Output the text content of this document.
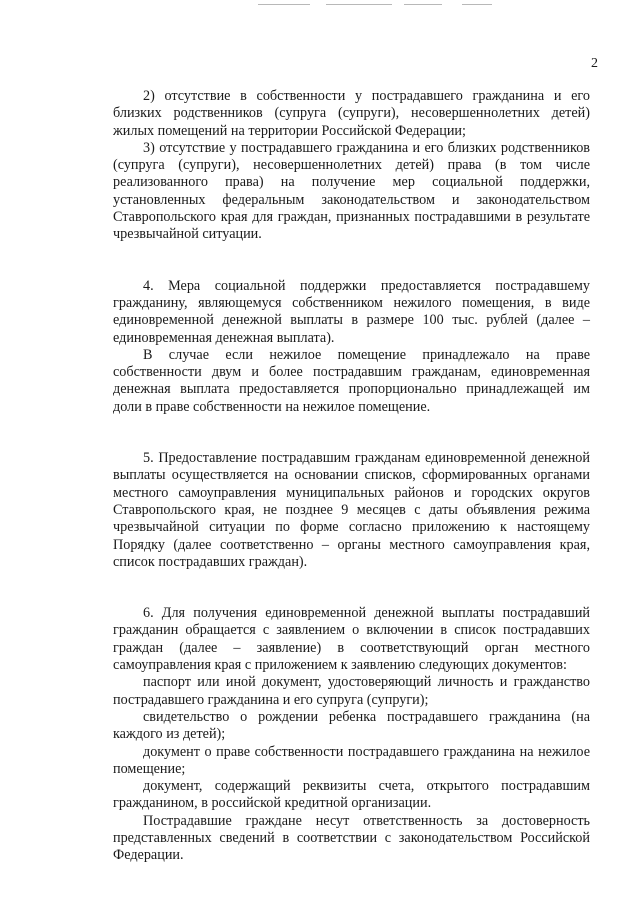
2

2) отсутствие в собственности у пострадавшего гражданина и его близких родственников (супруга (супруги), несовершеннолетних детей) жилых помещений на территории Российской Федерации;

3) отсутствие у пострадавшего гражданина и его близких родственников (супруга (супруги), несовершеннолетних детей) права (в том числе реализованного права) на получение мер социальной поддержки, установленных федеральным законодательством и законодательством Ставропольского края для граждан, признанных пострадавшими в результате чрезвычайной ситуации.

4. Мера социальной поддержки предоставляется пострадавшему гражданину, являющемуся собственником нежилого помещения, в виде единовременной денежной выплаты в размере 100 тыс. рублей (далее – единовременная денежная выплата).

В случае если нежилое помещение принадлежало на праве собственности двум и более пострадавшим гражданам, единовременная денежная выплата предоставляется пропорционально принадлежащей им доли в праве собственности на нежилое помещение.

5. Предоставление пострадавшим гражданам единовременной денежной выплаты осуществляется на основании списков, сформированных органами местного самоуправления муниципальных районов и городских округов Ставропольского края, не позднее 9 месяцев с даты объявления режима чрезвычайной ситуации по форме согласно приложению к настоящему Порядку (далее соответственно – органы местного самоуправления края, список пострадавших граждан).

6. Для получения единовременной денежной выплаты пострадавший гражданин обращается с заявлением о включении в список пострадавших граждан (далее – заявление) в соответствующий орган местного самоуправления края с приложением к заявлению следующих документов:

паспорт или иной документ, удостоверяющий личность и гражданство пострадавшего гражданина и его супруга (супруги);

свидетельство о рождении ребенка пострадавшего гражданина (на каждого из детей);

документ о праве собственности пострадавшего гражданина на нежилое помещение;

документ, содержащий реквизиты счета, открытого пострадавшим гражданином, в российской кредитной организации.

Пострадавшие граждане несут ответственность за достоверность представленных сведений в соответствии с законодательством Российской Федерации.
